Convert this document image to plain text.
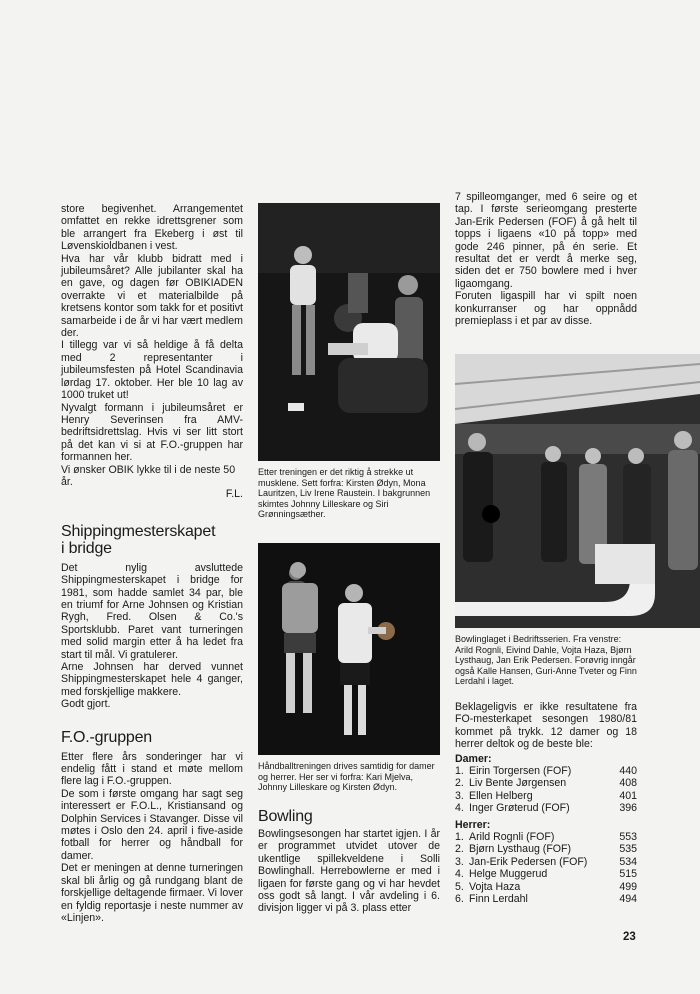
store begivenhet. Arrangementet omfattet en rekke idrettsgrener som ble arrangert fra Ekeberg i øst til Løvenskioldbanen i vest.

Hva har vår klubb bidratt med i jubileumsåret? Alle jubilanter skal ha en gave, og dagen før OBIKIADEN overrakte vi et materialbilde på kretsens kontor som takk for et positivt samarbeide i de år vi har vært medlem der.

I tillegg var vi så heldige å få delta med 2 representanter i jubileumsfesten på Hotel Scandinavia lørdag 17. oktober. Her ble 10 lag av 1000 truket ut!

Nyvalgt formann i jubileumsåret er Henry Severinsen fra AMV-bedriftsidrettslag. Hvis vi ser litt stort på det kan vi si at F.O.-gruppen har formannen her.

Vi ønsker OBIK lykke til i de neste 50 år.

F.L.
Shippingmesterskapet
i bridge

Det nylig avsluttede Shippingmesterskapet i bridge for 1981, som hadde samlet 34 par, ble en triumf for Arne Johnsen og Kristian Rygh, Fred. Olsen & Co.'s Sportsklubb. Paret vant turneringen med solid margin etter å ha ledet fra start til mål. Vi gratulerer.

Arne Johnsen har derved vunnet Shippingmesterskapet hele 4 ganger, med forskjellige makkere.

Godt gjort.

F.O.-gruppen

Etter flere års sonderinger har vi endelig fått i stand et møte mellom flere lag i F.O.-gruppen.

De som i første omgang har sagt seg interessert er F.O.L., Kristiansand og Dolphin Services i Stavanger. Disse vil møtes i Oslo den 24. april i five-aside fotball for herrer og håndball for damer.

Det er meningen at denne turneringen skal bli årlig og gå rundgang blant de forskjellige deltagende firmaer. Vi lover en fyldig reportasje i neste nummer av «Linjen».

Etter treningen er det riktig å strekke ut musklene. Sett forfra: Kirsten Ødyn, Mona Lauritzen, Liv Irene Raustein. I bakgrunnen skimtes Johnny Lilleskare og Siri Grønningsæther.

Håndballtreningen drives samtidig for damer og herrer. Her ser vi forfra: Kari Mjelva, Johnny Lilleskare og Kirsten Ødyn.

Bowling

Bowlingsesongen har startet igjen. I år er programmet utvidet utover de ukentlige spillekveldene i Solli Bowlinghall. Herrebowlerne er med i ligaen for første gang og vi har hevdet oss godt så langt. I vår avdeling i 6. divisjon ligger vi på 3. plass etter

7 spilleomganger, med 6 seire og et tap. I første serieomgang presterte Jan-Erik Pedersen (FOF) å gå helt til topps i ligaens «10 på topp» med gode 246 pinner, på én serie. Et resultat det er verdt å merke seg, siden det er 750 bowlere med i hver ligaomgang.

Foruten ligaspill har vi spilt noen konkurranser og har oppnådd premieplass i et par av disse.

Bowlinglaget i Bedriftsserien. Fra venstre: Arild Rognli, Eivind Dahle, Vojta Haza, Bjørn Lysthaug, Jan Erik Pedersen. Forøvrig inngår også Kalle Hansen, Guri-Anne Tveter og Finn Lerdahl i laget.

Beklageligvis er ikke resultatene fra FO-mesterkapet sesongen 1980/81 kommet på trykk. 12 damer og 18 herrer deltok og de beste ble:

Damer:
1. Eirin Torgersen (FOF)	440
2. Liv Bente Jørgensen	408
3. Ellen Helberg	401
4. Inger Grøterud (FOF)	396
Herrer:
1. Arild Rognli (FOF)	553
2. Bjørn Lysthaug (FOF)	535
3. Jan-Erik Pedersen (FOF)	534
4. Helge Muggerud	515
5. Vojta Haza	499
6. Finn Lerdahl	494
23
